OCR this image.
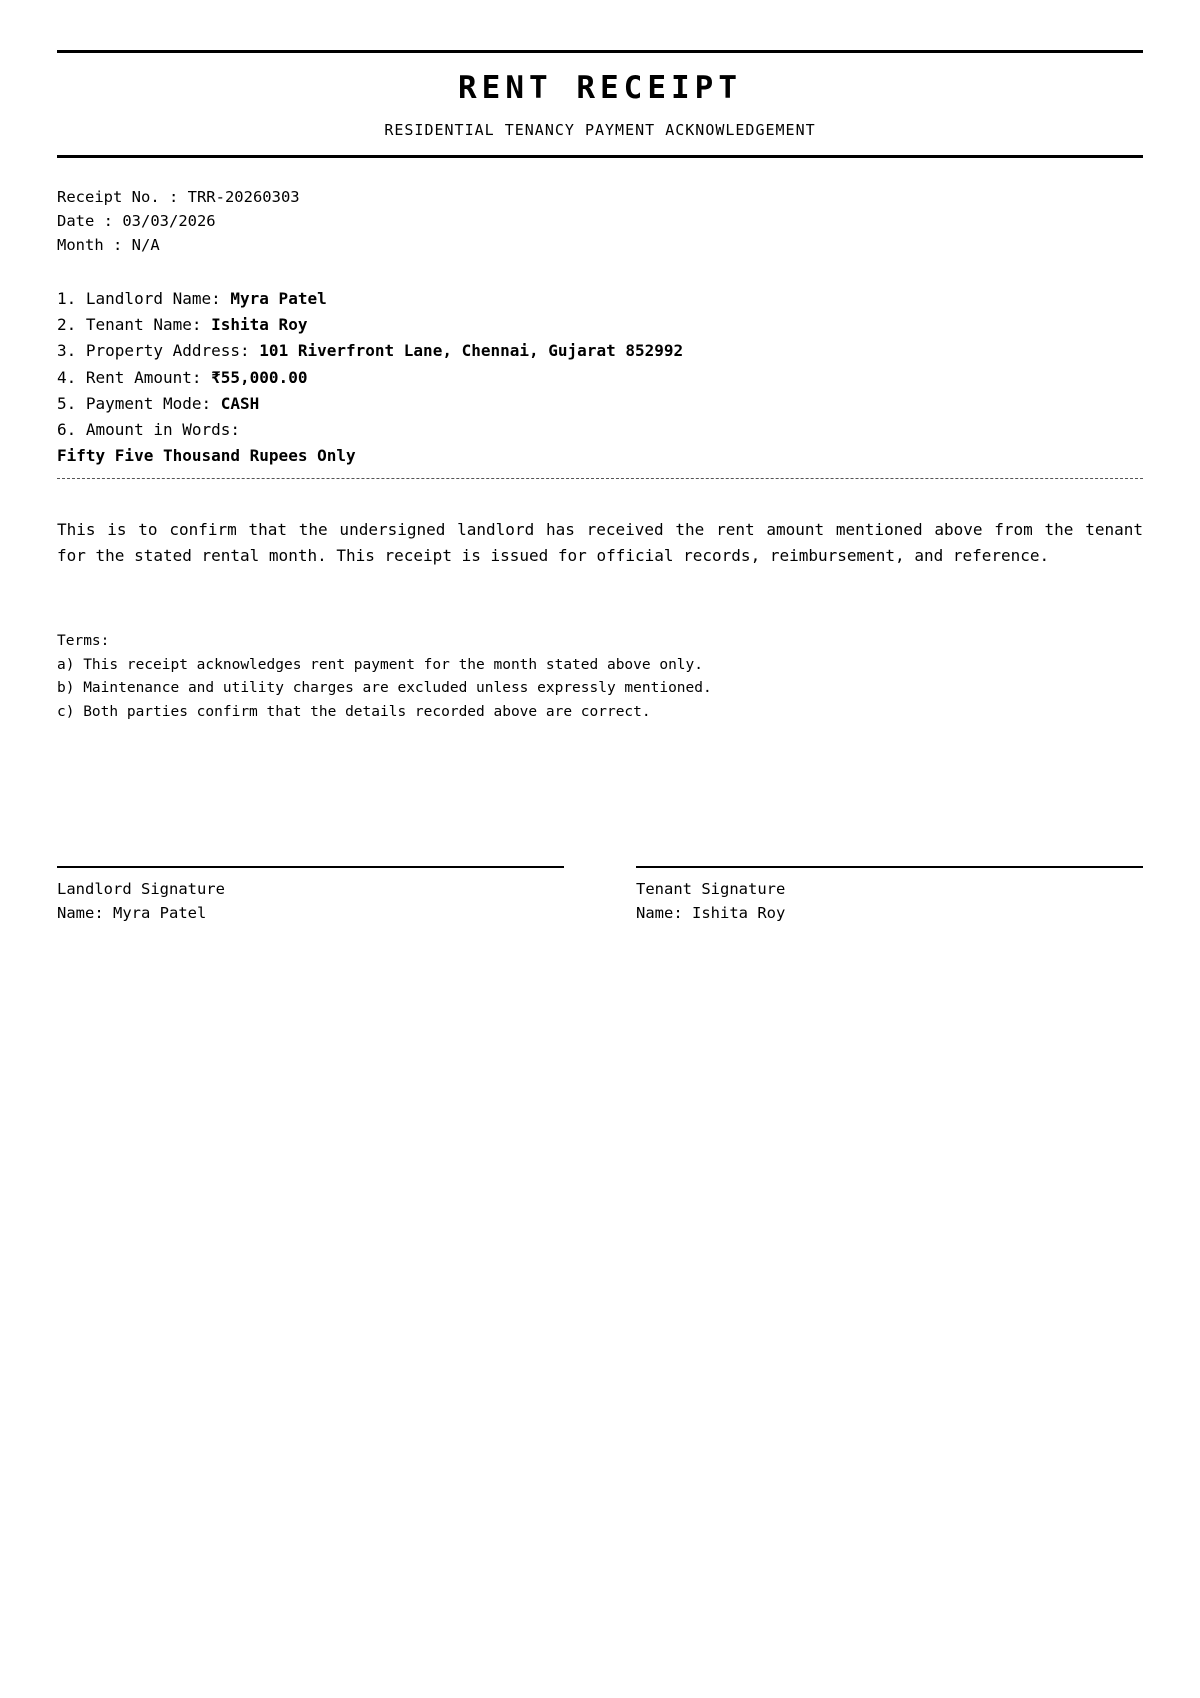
RENT RECEIPT
RESIDENTIAL TENANCY PAYMENT ACKNOWLEDGEMENT
Receipt No. : TRR-20260303
Date : 03/03/2026
Month : N/A
1. Landlord Name: Myra Patel
2. Tenant Name: Ishita Roy
3. Property Address: 101 Riverfront Lane, Chennai, Gujarat 852992
4. Rent Amount: ₹55,000.00
5. Payment Mode: CASH
6. Amount in Words:
Fifty Five Thousand Rupees Only
This is to confirm that the undersigned landlord has received the rent amount mentioned above from the tenant for the stated rental month. This receipt is issued for official records, reimbursement, and reference.
Terms:
a) This receipt acknowledges rent payment for the month stated above only.
b) Maintenance and utility charges are excluded unless expressly mentioned.
c) Both parties confirm that the details recorded above are correct.
Landlord Signature
Name: Myra Patel
Tenant Signature
Name: Ishita Roy
